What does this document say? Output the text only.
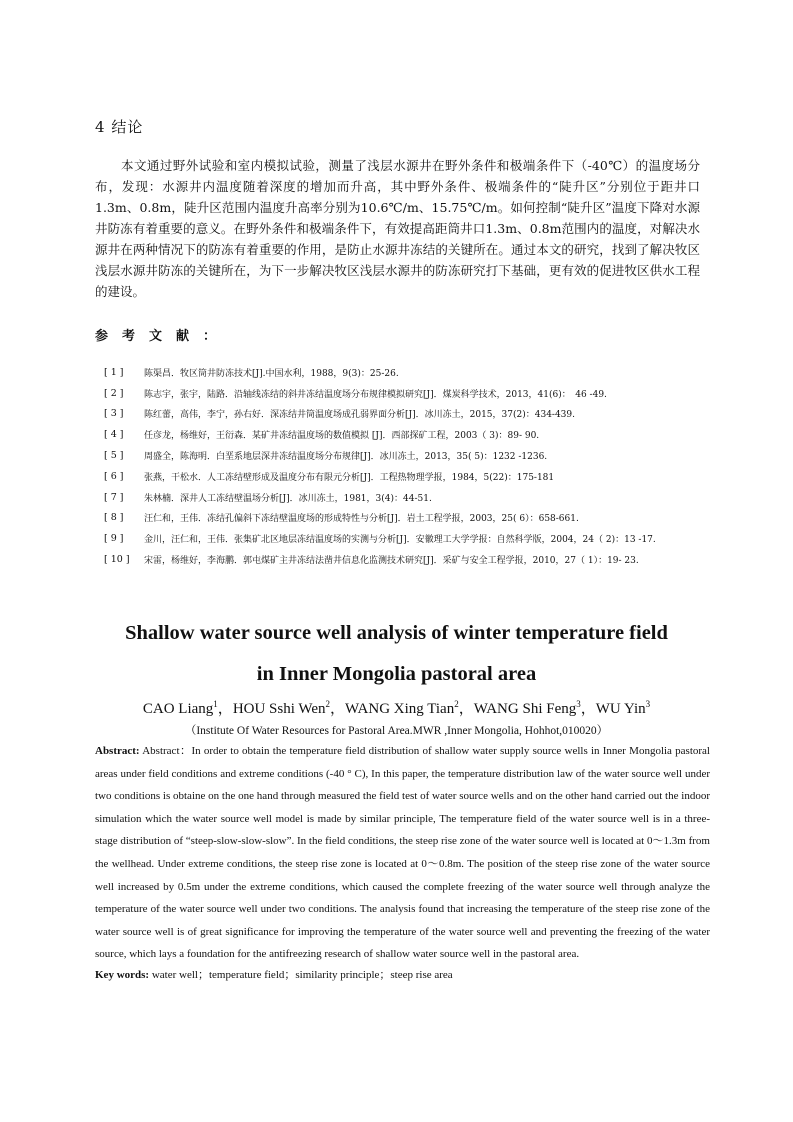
4 结论

本文通过野外试验和室内模拟试验，测量了浅层水源井在野外条件和极端条件下（-40℃）的温度场分布，发现：水源井内温度随着深度的增加而升高，其中野外条件、极端条件的“陡升区”分别位于距井口1.3m、0.8m，陡升区范围内温度升高率分别为10.6℃/m、15.75℃/m。如何控制“陡升区”温度下降对水源井防冻有着重要的意义。在野外条件和极端条件下，有效提高距筒井口1.3m、0.8m范围内的温度，对解决水源井在两种情况下的防冻有着重要的作用，是防止水源井冻结的关键所在。通过本文的研究，找到了解决牧区浅层水源井防冻的关键所在，为下一步解决牧区浅层水源井的防冻研究打下基础，更有效的促进牧区供水工程的建设。

参考文献：
[ 1 ]	陈渠昌．牧区筒井防冻技术[J].中国水利，1988，9(3)：25-26.
[ 2 ]	陈志宇，张宇，陆路．沿轴线冻结的斜井冻结温度场分布规律模拟研究[J]．煤炭科学技术，2013，41(6)：　46 -49.
[ 3 ]	陈红蕾，高伟，李宁，孙右好．深冻结井筒温度场成孔弱界面分析[J]．冰川冻土，2015，37(2)：434-439.
[ 4 ]	任彦龙，杨维好，王衍森．某矿井冻结温度场的数值模拟 [J]．西部探矿工程，2003（ 3)：89- 90.
[ 5 ]	周盛全，陈海明．白垩系地层深井冻结温度场分布规律[J]．冰川冻土，2013，35( 5)：1232 -1236.
[ 6 ]	张燕，干松水．人工冻结壁形成及温度分布有限元分析[J]．工程热物理学报，1984，5(22)：175-181
[ 7 ]	朱林楠．深井人工冻结壁温场分析[J]．冰川冻土，1981，3(4)：44-51.
[ 8 ]	汪仁和，王伟．冻结孔偏斜下冻结壁温度场的形成特性与分析[J]．岩土工程学报，2003，25( 6）：658-661.
[ 9 ]	金川，汪仁和，王伟．张集矿北区地层冻结温度场的实测与分析[J]．安徽理工大学学报：自然科学版，2004，24（ 2)：13 -17.
[ 10 ]	宋雷，杨维好，李海鹏．郭屯煤矿主井冻结法凿井信息化监测技术研究[J]．采矿与安全工程学报，2010，27（ 1）：19- 23.
Shallow water source well analysis of winter temperature field
in Inner Mongolia pastoral area
CAO Liang$^1$，HOU Sshi Wen$^2$，WANG Xing Tian$^2$，WANG Shi Feng$^3$，WU Yin$^3$
（Institute Of Water Resources for Pastoral Area.MWR ,Inner Mongolia, Hohhot,010020）

Abstract: Abstract：In order to obtain the temperature field distribution of shallow water supply source wells in Inner Mongolia pastoral areas under field conditions and extreme conditions (-40 ° C), In this paper, the temperature distribution law of the water source well under two conditions is obtaine on the one hand through measured the field test of water source wells and on the other hand carried out the indoor simulation which the water source well model is made by similar principle, The temperature field of the water source well is in a three-stage distribution of “steep-slow-slow-slow”. In the field conditions, the steep rise zone of the water source well is located at 0～1.3m from the wellhead. Under extreme conditions, the steep rise zone is located at 0～0.8m. The position of the steep rise zone of the water source well increased by 0.5m under the extreme conditions, which caused the complete freezing of the water source well through analyze the temperature of the water source well under two conditions. The analysis found that increasing the temperature of the steep rise zone of the water source well is of great significance for improving the temperature of the water source well and preventing the freezing of the water source, which lays a foundation for the antifreezing research of shallow water source well in the pastoral area.

Key words: water well；temperature field；similarity principle；steep rise area
